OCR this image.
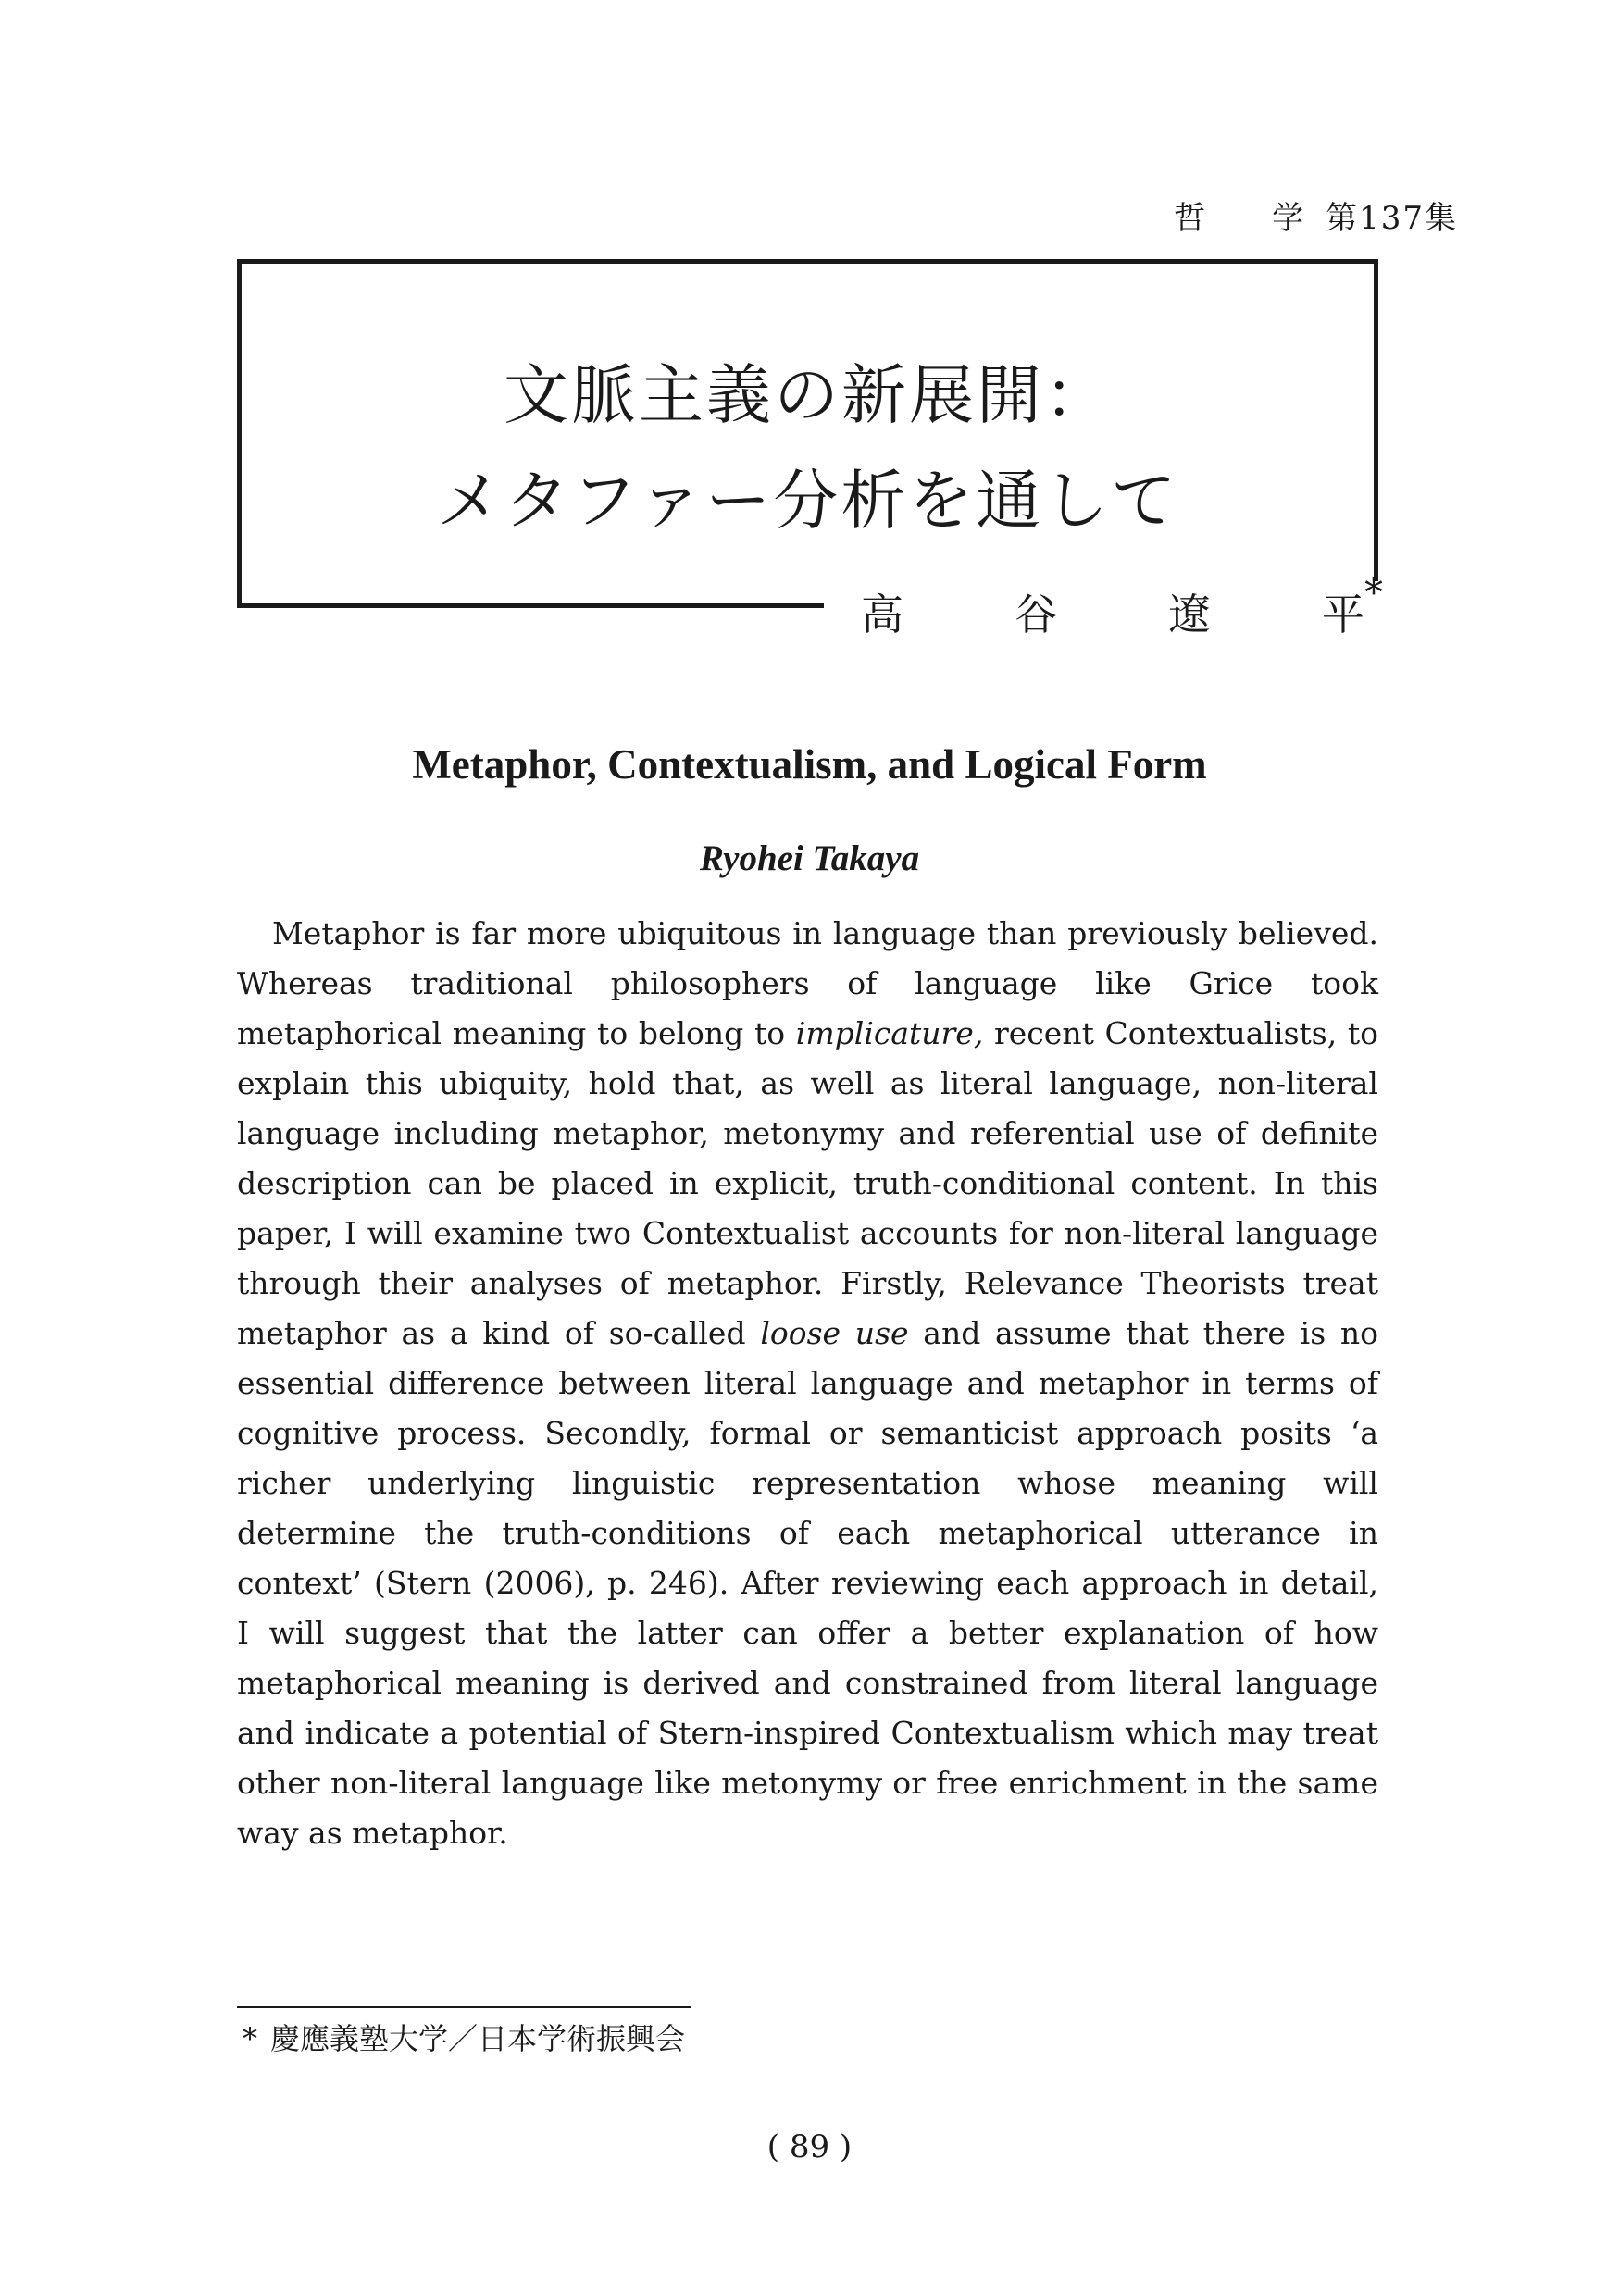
哲 学 第137集
文脈主義の新展開：
メタファー分析を通して
高	谷	遼	平*
Metaphor, Contextualism, and Logical Form
Ryohei Takaya
Metaphor is far more ubiquitous in language than previously believed.
Whereas traditional philosophers of language like Grice took
metaphorical meaning to belong to implicature, recent Contextualists, to
explain this ubiquity, hold that, as well as literal language, non-literal
language including metaphor, metonymy and referential use of definite
description can be placed in explicit, truth-conditional content. In this
paper, I will examine two Contextualist accounts for non-literal language
through their analyses of metaphor. Firstly, Relevance Theorists treat
metaphor as a kind of so-called loose use and assume that there is no
essential difference between literal language and metaphor in terms of
cognitive process. Secondly, formal or semanticist approach posits ‘a
richer underlying linguistic representation whose meaning will
determine the truth-conditions of each metaphorical utterance in
context’ (Stern (2006), p. 246). After reviewing each approach in detail,
I will suggest that the latter can offer a better explanation of how
metaphorical meaning is derived and constrained from literal language
and indicate a potential of Stern-inspired Contextualism which may treat
other non-literal language like metonymy or free enrichment in the same
way as metaphor.
* 慶應義塾大学／日本学術振興会
( 89 )
